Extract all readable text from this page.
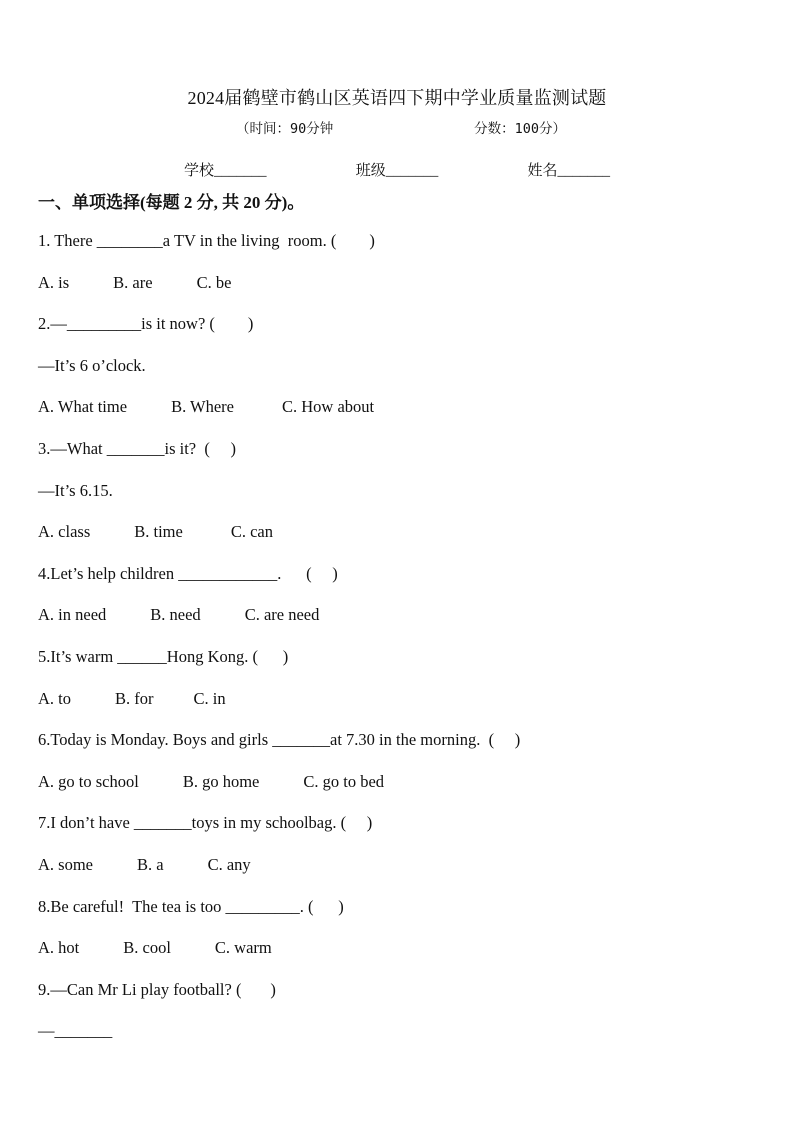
2024届鹤壁市鹤山区英语四下期中学业质量监测试题
（时间：90分钟	分数：100分）
学校_______	班级_______	姓名_______
一、单项选择(每题 2 分, 共 20 分)。
1. There ________a TV in the living  room. (        )
A. is	B. are	C. be
2.—_________is it now? (        )
—It’s 6 o’clock.
A. What time	B. Where	C. How about
3.—What _______is it?  (     )
—It’s 6.15.
A. class	B. time	C. can
4.Let’s help children ____________.      (     )
A. in need	B. need	C. are need
5.It’s warm ______Hong Kong. (      )
A. to	B. for C. in
6.Today is Monday. Boys and girls _______at 7.30 in the morning.  (     )
A. go to school	B. go home	C. go to bed
7.I don’t have _______toys in my schoolbag. (     )
A. some	B. a	C. any
8.Be careful!  The tea is too _________. (      )
A. hot	B. cool	C. warm
9.—Can Mr Li play football? (       )
—_______
